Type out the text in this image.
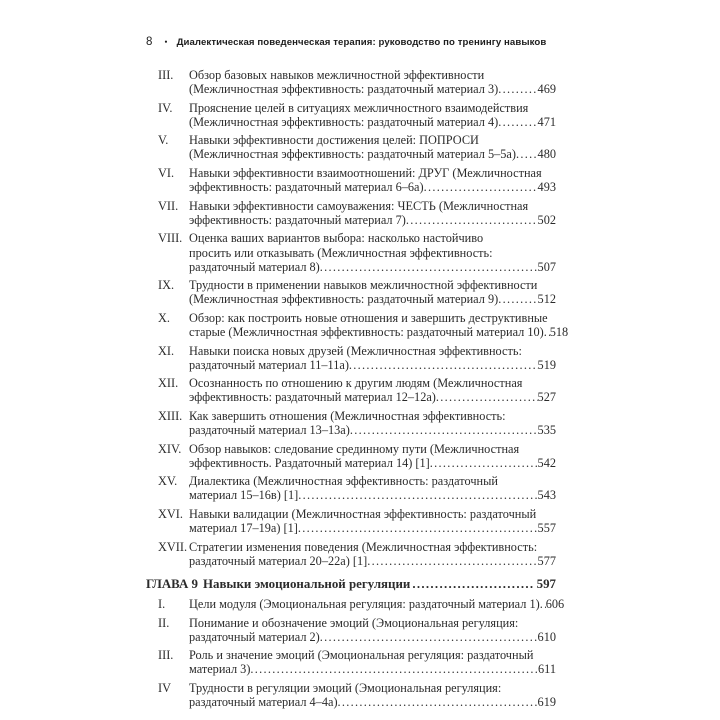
8 • Диалектическая поведенческая терапия: руководство по тренингу навыков
III.	Обзор базовых навыков межличностной эффективности
(Межличностная эффективность: раздаточный материал 3) .....	469
IV.	Прояснение целей в ситуациях межличностного взаимодействия
(Межличностная эффективность: раздаточный материал 4) .....	471
V.	Навыки эффективности достижения целей: ПОПРОСИ
(Межличностная эффективность: раздаточный материал 5–5а) ..... 480
VI.	Навыки эффективности взаимоотношений: ДРУГ (Межличностная
эффективность: раздаточный материал 6–6а) .....	493
VII. Навыки эффективности самоуважения: ЧЕСТЬ (Межличностная
эффективность: раздаточный материал 7) .....	502
VIII. Оценка ваших вариантов выбора: насколько настойчиво
просить или отказывать (Межличностная эффективность:
раздаточный материал 8) .....	507
IX.	Трудности в применении навыков межличностной эффективности
(Межличностная эффективность: раздаточный материал 9) .....	512
X.	Обзор: как построить новые отношения и завершить деструктивные
старые (Межличностная эффективность: раздаточный материал 10) ..... 518
XI.	Навыки поиска новых друзей (Межличностная эффективность:
раздаточный материал 11–11а) .....	519
XII. Осознанность по отношению к другим людям (Межличностная
эффективность: раздаточный материал 12–12а) .....	527
XIII. Как завершить отношения (Межличностная эффективность:
раздаточный материал 13–13а) .....	535
XIV. Обзор навыков: следование срединному пути (Межличностная
эффективность. Раздаточный материал 14) [1] .....	542
XV. Диалектика (Межличностная эффективность: раздаточный
материал 15–16в) [1] .....	543
XVI. Навыки валидации (Межличностная эффективность: раздаточный
материал 17–19а) [1] .....	557
XVII. Стратегии изменения поведения (Межличностная эффективность:
раздаточный материал 20–22а) [1] .....	577
ГЛАВА 9 Навыки эмоциональной регуляции .....	597
I.	Цели модуля (Эмоциональная регуляция: раздаточный материал 1) ..... 606
II.	Понимание и обозначение эмоций (Эмоциональная регуляция:
раздаточный материал 2) .....	610
III.	Роль и значение эмоций (Эмоциональная регуляция: раздаточный
материал 3) .....	611
IV	Трудности в регуляции эмоций (Эмоциональная регуляция:
раздаточный материал 4–4а) .....	619
